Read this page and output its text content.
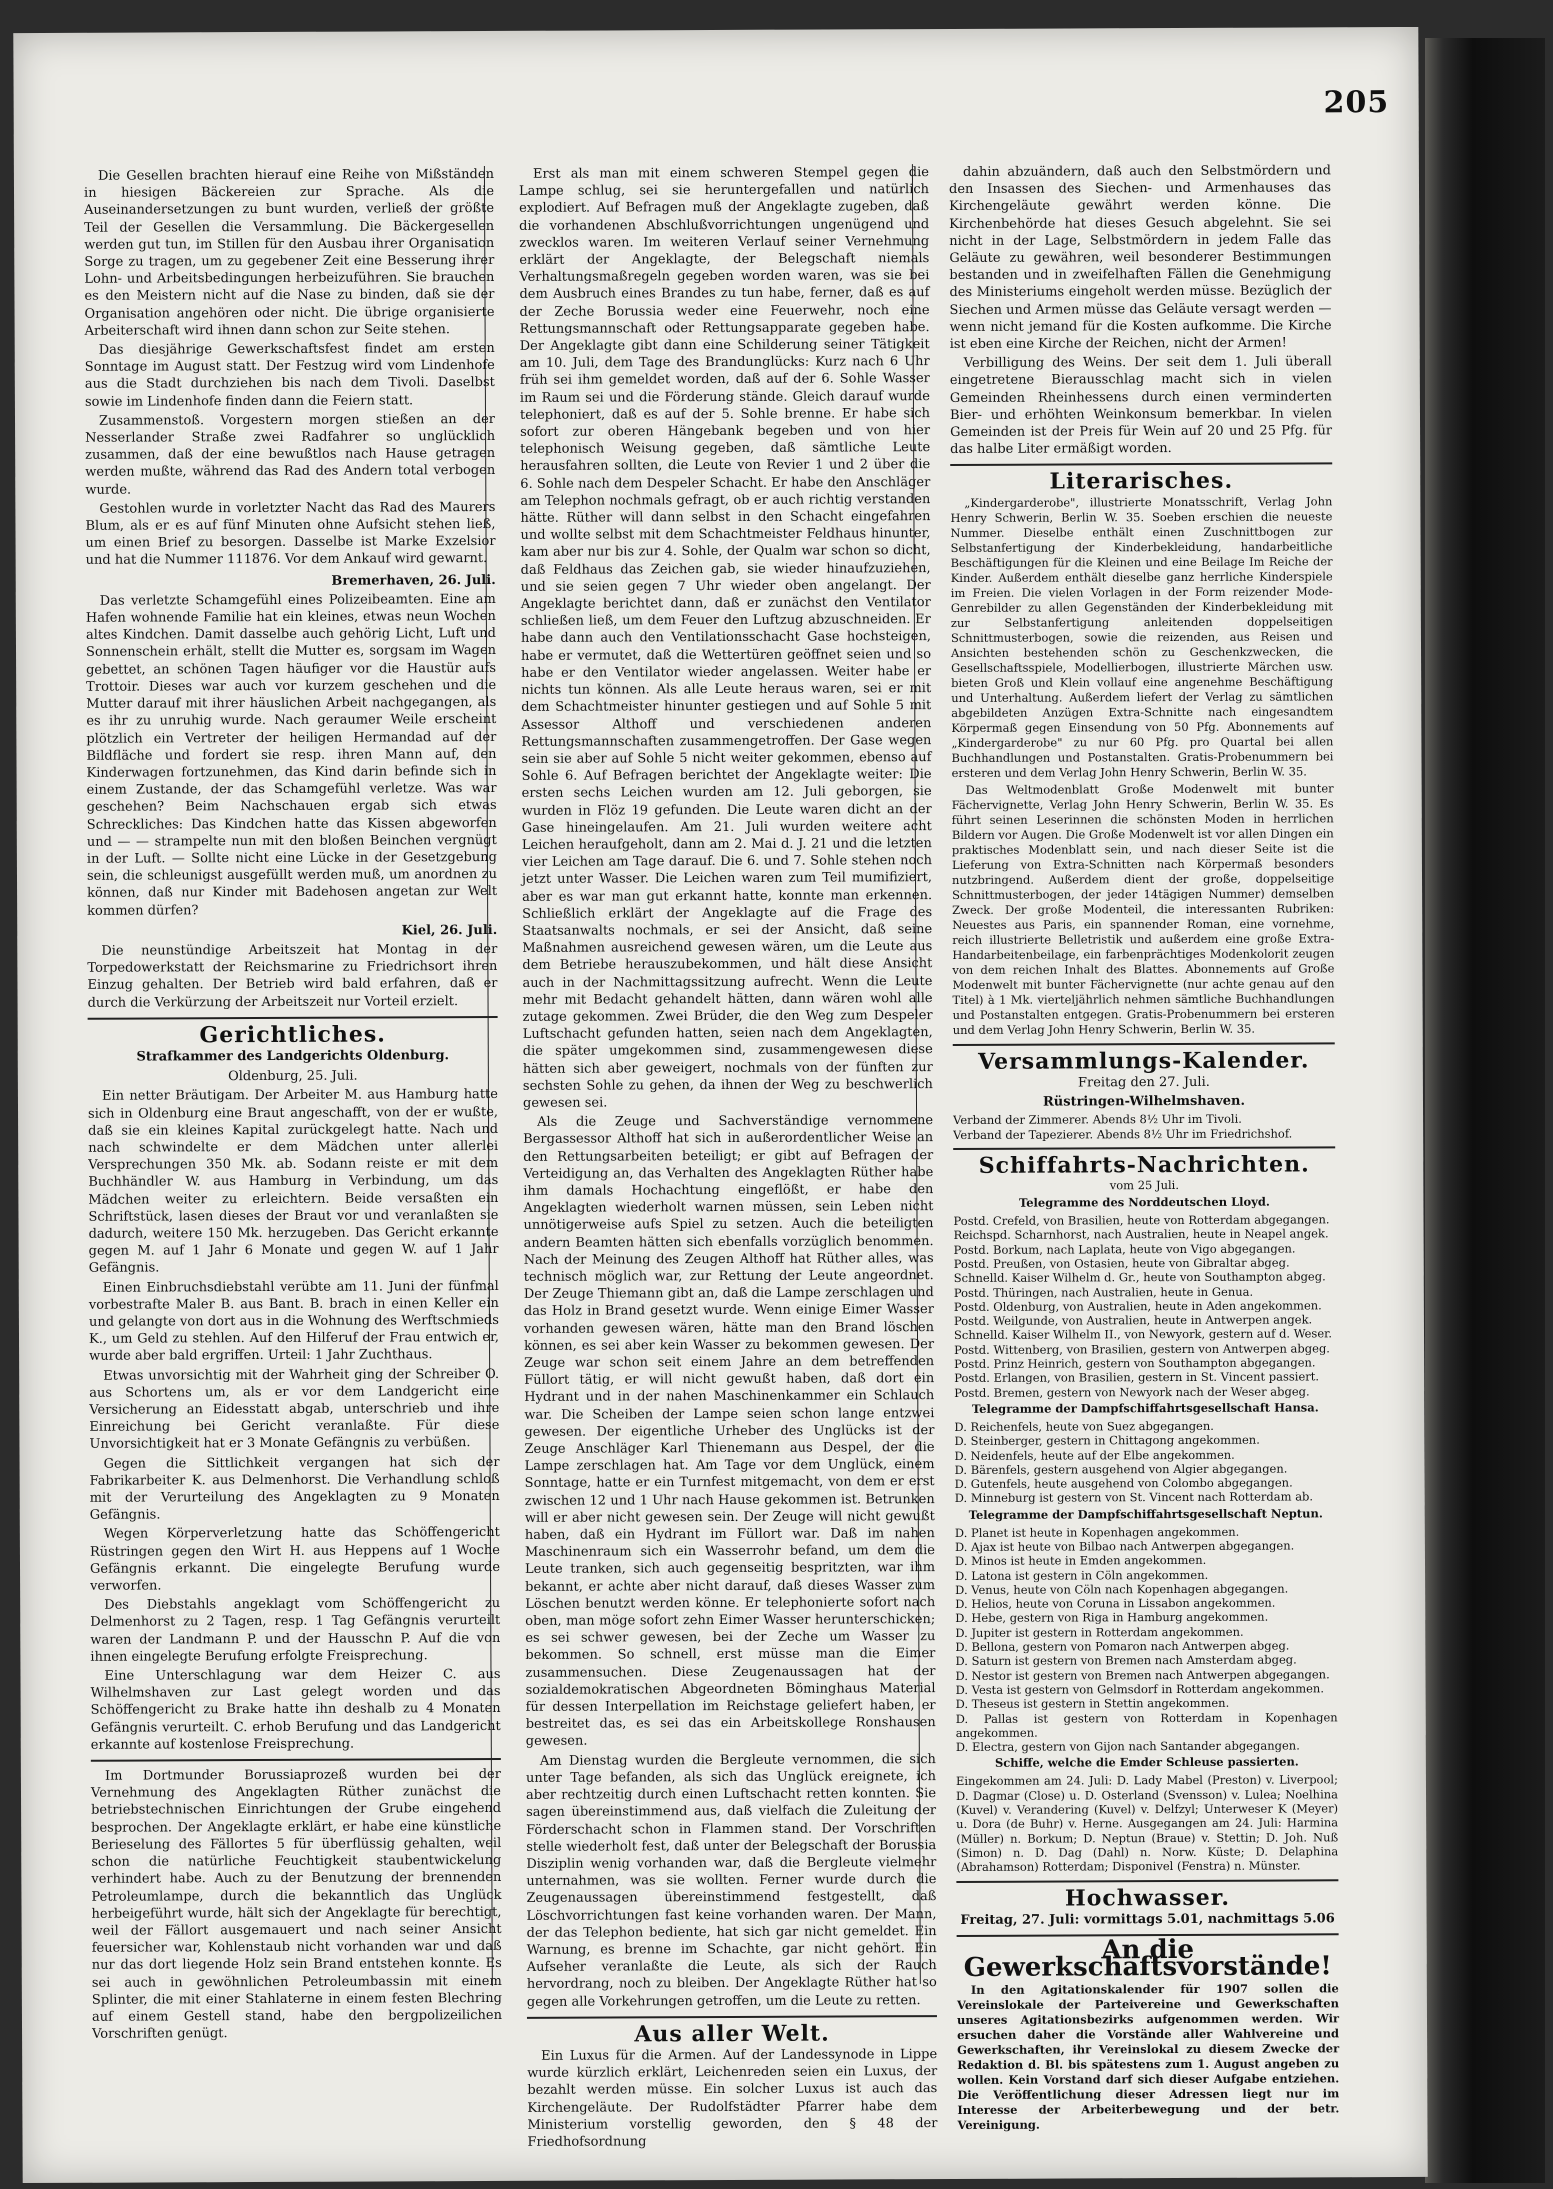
205

Die Gesellen brachten hierauf eine Reihe von Mißständen in hiesigen Bäckereien zur Sprache. Als die Auseinandersetzungen zu bunt wurden, verließ der größte Teil der Gesellen die Versammlung. Die Bäckergesellen werden gut tun, im Stillen für den Ausbau ihrer Organisation Sorge zu tragen, um zu gegebener Zeit eine Besserung ihrer Lohn- und Arbeitsbedingungen herbeizuführen. Sie brauchen es den Meistern nicht auf die Nase zu binden, daß sie der Organisation angehören oder nicht. Die übrige organisierte Arbeiterschaft wird ihnen dann schon zur Seite stehen.

Das diesjährige Gewerkschaftsfest findet am ersten Sonntage im August statt. Der Festzug wird vom Lindenhofe aus die Stadt durchziehen bis nach dem Tivoli. Daselbst sowie im Lindenhofe finden dann die Feiern statt.

Zusammenstoß. Vorgestern morgen stießen an der Nesserlander Straße zwei Radfahrer so unglücklich zusammen, daß der eine bewußtlos nach Hause getragen werden mußte, während das Rad des Andern total verbogen wurde.

Gestohlen wurde in vorletzter Nacht das Rad des Maurers Blum, als er es auf fünf Minuten ohne Aufsicht stehen ließ, um einen Brief zu besorgen. Dasselbe ist Marke Exzelsior und hat die Nummer 111876. Vor dem Ankauf wird gewarnt.

Bremerhaven, 26. Juli.

Das verletzte Schamgefühl eines Polizeibeamten. Eine am Hafen wohnende Familie hat ein kleines, etwas neun Wochen altes Kindchen. Damit dasselbe auch gehörig Licht, Luft und Sonnenschein erhält, stellt die Mutter es, sorgsam im Wagen gebettet, an schönen Tagen häufiger vor die Haustür aufs Trottoir. Dieses war auch vor kurzem geschehen und die Mutter darauf mit ihrer häuslichen Arbeit nachgegangen, als es ihr zu unruhig wurde. Nach geraumer Weile erscheint plötzlich ein Vertreter der heiligen Hermandad auf der Bildfläche und fordert sie resp. ihren Mann auf, den Kinderwagen fortzunehmen, das Kind darin befinde sich in einem Zustande, der das Schamgefühl verletze. Was war geschehen? Beim Nachschauen ergab sich etwas Schreckliches: Das Kindchen hatte das Kissen abgeworfen und — — strampelte nun mit den bloßen Beinchen vergnügt in der Luft. — Sollte nicht eine Lücke in der Gesetzgebung sein, die schleunigst ausgefüllt werden muß, um anordnen zu können, daß nur Kinder mit Badehosen angetan zur Welt kommen dürfen?

Kiel, 26. Juli.

Die neunstündige Arbeitszeit hat Montag in der Torpedowerkstatt der Reichsmarine zu Friedrichsort ihren Einzug gehalten. Der Betrieb wird bald erfahren, daß er durch die Verkürzung der Arbeitszeit nur Vorteil erzielt.

Gerichtliches.
Strafkammer des Landgerichts Oldenburg.
Oldenburg, 25. Juli.

Ein netter Bräutigam. Der Arbeiter M. aus Hamburg hatte sich in Oldenburg eine Braut angeschafft, von der er wußte, daß sie ein kleines Kapital zurückgelegt hatte. Nach und nach schwindelte er dem Mädchen unter allerlei Versprechungen 350 Mk. ab. Sodann reiste er mit dem Buchhändler W. aus Hamburg in Verbindung, um das Mädchen weiter zu erleichtern. Beide versaßten ein Schriftstück, lasen dieses der Braut vor und veranlaßten sie dadurch, weitere 150 Mk. herzugeben. Das Gericht erkannte gegen M. auf 1 Jahr 6 Monate und gegen W. auf 1 Jahr Gefängnis.

Einen Einbruchsdiebstahl verübte am 11. Juni der fünfmal vorbestrafte Maler B. aus Bant. B. brach in einen Keller ein und gelangte von dort aus in die Wohnung des Werftschmieds K., um Geld zu stehlen. Auf den Hilferuf der Frau entwich er, wurde aber bald ergriffen. Urteil: 1 Jahr Zuchthaus.

Etwas unvorsichtig mit der Wahrheit ging der Schreiber O. aus Schortens um, als er vor dem Landgericht eine Versicherung an Eidesstatt abgab, unterschrieb und ihre Einreichung bei Gericht veranlaßte. Für diese Unvorsichtigkeit hat er 3 Monate Gefängnis zu verbüßen.

Gegen die Sittlichkeit vergangen hat sich der Fabrikarbeiter K. aus Delmenhorst. Die Verhandlung schloß mit der Verurteilung des Angeklagten zu 9 Monaten Gefängnis.

Wegen Körperverletzung hatte das Schöffengericht Rüstringen gegen den Wirt H. aus Heppens auf 1 Woche Gefängnis erkannt. Die eingelegte Berufung wurde verworfen.

Des Diebstahls angeklagt vom Schöffengericht zu Delmenhorst zu 2 Tagen, resp. 1 Tag Gefängnis verurteilt waren der Landmann P. und der Hausschn P. Auf die von ihnen eingelegte Berufung erfolgte Freisprechung.

Eine Unterschlagung war dem Heizer C. aus Wilhelmshaven zur Last gelegt worden und das Schöffengericht zu Brake hatte ihn deshalb zu 4 Monaten Gefängnis verurteilt. C. erhob Berufung und das Landgericht erkannte auf kostenlose Freisprechung.

Im Dortmunder Borussiaprozeß wurden bei der Vernehmung des Angeklagten Rüther zunächst die betriebstechnischen Einrichtungen der Grube eingehend besprochen. Der Angeklagte erklärt, er habe eine künstliche Berieselung des Fällortes 5 für überflüssig gehalten, weil schon die natürliche Feuchtigkeit staubentwickelung verhindert habe. Auch zu der Benutzung der brennenden Petroleumlampe, durch die bekanntlich das Unglück herbeigeführt wurde, hält sich der Angeklagte für berechtigt, weil der Fällort ausgemauert und nach seiner Ansicht feuersicher war, Kohlenstaub nicht vorhanden war und daß nur das dort liegende Holz sein Brand entstehen konnte. Es sei auch in gewöhnlichen Petroleumbassin mit einem Splinter, die mit einer Stahlaterne in einem festen Blechring auf einem Gestell stand, habe den bergpolizeilichen Vorschriften genügt.

Erst als man mit einem schweren Stempel gegen die Lampe schlug, sei sie heruntergefallen und natürlich explodiert. Auf Befragen muß der Angeklagte zugeben, daß die vorhandenen Abschlußvorrichtungen ungenügend und zwecklos waren. Im weiteren Verlauf seiner Vernehmung erklärt der Angeklagte, der Belegschaft niemals Verhaltungsmaßregeln gegeben worden waren, was sie bei dem Ausbruch eines Brandes zu tun habe, ferner, daß es auf der Zeche Borussia weder eine Feuerwehr, noch eine Rettungsmannschaft oder Rettungsapparate gegeben habe. Der Angeklagte gibt dann eine Schilderung seiner Tätigkeit am 10. Juli, dem Tage des Brandunglücks: Kurz nach 6 Uhr früh sei ihm gemeldet worden, daß auf der 6. Sohle Wasser im Raum sei und die Förderung stände. Gleich darauf wurde telephoniert, daß es auf der 5. Sohle brenne. Er habe sich sofort zur oberen Hängebank begeben und von hier telephonisch Weisung gegeben, daß sämtliche Leute herausfahren sollten, die Leute von Revier 1 und 2 über die 6. Sohle nach dem Despeler Schacht. Er habe den Anschläger am Telephon nochmals gefragt, ob er auch richtig verstanden hätte. Rüther will dann selbst in den Schacht eingefahren und wollte selbst mit dem Schachtmeister Feldhaus hinunter, kam aber nur bis zur 4. Sohle, der Qualm war schon so dicht, daß Feldhaus das Zeichen gab, sie wieder hinaufzuziehen, und sie seien gegen 7 Uhr wieder oben angelangt. Der Angeklagte berichtet dann, daß er zunächst den Ventilator schließen ließ, um dem Feuer den Luftzug abzuschneiden. Er habe dann auch den Ventilationsschacht Gase hochsteigen, habe er vermutet, daß die Wettertüren geöffnet seien und so habe er den Ventilator wieder angelassen. Weiter habe er nichts tun können. Als alle Leute heraus waren, sei er mit dem Schachtmeister hinunter gestiegen und auf Sohle 5 mit Assessor Althoff und verschiedenen anderen Rettungsmannschaften zusammengetroffen. Der Gase wegen sein sie aber auf Sohle 5 nicht weiter gekommen, ebenso auf Sohle 6. Auf Befragen berichtet der Angeklagte weiter: Die ersten sechs Leichen wurden am 12. Juli geborgen, sie wurden in Flöz 19 gefunden. Die Leute waren dicht an der Gase hineingelaufen. Am 21. Juli wurden weitere acht Leichen heraufgeholt, dann am 2. Mai d. J. 21 und die letzten vier Leichen am Tage darauf. Die 6. und 7. Sohle stehen noch jetzt unter Wasser. Die Leichen waren zum Teil mumifiziert, aber es war man gut erkannt hatte, konnte man erkennen. Schließlich erklärt der Angeklagte auf die Frage des Staatsanwalts nochmals, er sei der Ansicht, daß seine Maßnahmen ausreichend gewesen wären, um die Leute aus dem Betriebe herauszubekommen, und hält diese Ansicht auch in der Nachmittagssitzung aufrecht. Wenn die Leute mehr mit Bedacht gehandelt hätten, dann wären wohl alle zutage gekommen. Zwei Brüder, die den Weg zum Despeler Luftschacht gefunden hatten, seien nach dem Angeklagten, die später umgekommen sind, zusammengewesen diese hätten sich aber geweigert, nochmals von der fünften zur sechsten Sohle zu gehen, da ihnen der Weg zu beschwerlich gewesen sei.

Als die Zeuge und Sachverständige vernommene Bergassessor Althoff hat sich in außerordentlicher Weise an den Rettungsarbeiten beteiligt; er gibt auf Befragen der Verteidigung an, das Verhalten des Angeklagten Rüther habe ihm damals Hochachtung eingeflößt, er habe den Angeklagten wiederholt warnen müssen, sein Leben nicht unnötigerweise aufs Spiel zu setzen. Auch die beteiligten andern Beamten hätten sich ebenfalls vorzüglich benommen. Nach der Meinung des Zeugen Althoff hat Rüther alles, was technisch möglich war, zur Rettung der Leute angeordnet. Der Zeuge Thiemann gibt an, daß die Lampe zerschlagen und das Holz in Brand gesetzt wurde. Wenn einige Eimer Wasser vorhanden gewesen wären, hätte man den Brand löschen können, es sei aber kein Wasser zu bekommen gewesen. Der Zeuge war schon seit einem Jahre an dem betreffenden Füllort tätig, er will nicht gewußt haben, daß dort ein Hydrant und in der nahen Maschinenkammer ein Schlauch war. Die Scheiben der Lampe seien schon lange entzwei gewesen. Der eigentliche Urheber des Unglücks ist der Zeuge Anschläger Karl Thienemann aus Despel, der die Lampe zerschlagen hat. Am Tage vor dem Unglück, einem Sonntage, hatte er ein Turnfest mitgemacht, von dem er erst zwischen 12 und 1 Uhr nach Hause gekommen ist. Betrunken will er aber nicht gewesen sein. Der Zeuge will nicht gewußt haben, daß ein Hydrant im Füllort war. Daß im nahen Maschinenraum sich ein Wasserrohr befand, um dem die Leute tranken, sich auch gegenseitig bespritzten, war ihm bekannt, er achte aber nicht darauf, daß dieses Wasser zum Löschen benutzt werden könne. Er telephonierte sofort nach oben, man möge sofort zehn Eimer Wasser herunterschicken; es sei schwer gewesen, bei der Zeche um Wasser zu bekommen. So schnell, erst müsse man die Eimer zusammensuchen. Diese Zeugenaussagen hat der sozialdemokratischen Abgeordneten Böminghaus Material für dessen Interpellation im Reichstage geliefert haben, er bestreitet das, es sei das ein Arbeitskollege Ronshausen gewesen.

Am Dienstag wurden die Bergleute vernommen, die sich unter Tage befanden, als sich das Unglück ereignete, ich aber rechtzeitig durch einen Luftschacht retten konnten. Sie sagen übereinstimmend aus, daß vielfach die Zuleitung der Förderschacht schon in Flammen stand. Der Vorschriften stelle wiederholt fest, daß unter der Belegschaft der Borussia Disziplin wenig vorhanden war, daß die Bergleute vielmehr unternahmen, was sie wollten. Ferner wurde durch die Zeugenaussagen übereinstimmend festgestellt, daß Löschvorrichtungen fast keine vorhanden waren. Der Mann, der das Telephon bediente, hat sich gar nicht gemeldet. Ein Warnung, es brenne im Schachte, gar nicht gehört. Ein Aufseher veranlaßte die Leute, als sich der Rauch hervordrang, noch zu bleiben. Der Angeklagte Rüther hat so gegen alle Vorkehrungen getroffen, um die Leute zu retten.

Aus aller Welt.

Ein Luxus für die Armen. Auf der Landessynode in Lippe wurde kürzlich erklärt, Leichenreden seien ein Luxus, der bezahlt werden müsse. Ein solcher Luxus ist auch das Kirchengeläute. Der Rudolfstädter Pfarrer habe dem Ministerium vorstellig geworden, den § 48 der Friedhofsordnung

dahin abzuändern, daß auch den Selbstmördern und den Insassen des Siechen- und Armenhauses das Kirchengeläute gewährt werden könne. Die Kirchenbehörde hat dieses Gesuch abgelehnt. Sie sei nicht in der Lage, Selbstmördern in jedem Falle das Geläute zu gewähren, weil besonderer Bestimmungen bestanden und in zweifelhaften Fällen die Genehmigung des Ministeriums eingeholt werden müsse. Bezüglich der Siechen und Armen müsse das Geläute versagt werden — wenn nicht jemand für die Kosten aufkomme. Die Kirche ist eben eine Kirche der Reichen, nicht der Armen!

Verbilligung des Weins. Der seit dem 1. Juli überall eingetretene Bierausschlag macht sich in vielen Gemeinden Rheinhessens durch einen verminderten Bier- und erhöhten Weinkonsum bemerkbar. In vielen Gemeinden ist der Preis für Wein auf 20 und 25 Pfg. für das halbe Liter ermäßigt worden.

Literarisches.

„Kindergarderobe", illustrierte Monatsschrift, Verlag John Henry Schwerin, Berlin W. 35. Soeben erschien die neueste Nummer. Dieselbe enthält einen Zuschnittbogen zur Selbstanfertigung der Kinderbekleidung, handarbeitliche Beschäftigungen für die Kleinen und eine Beilage Im Reiche der Kinder. Außerdem enthält dieselbe ganz herrliche Kinderspiele im Freien. Die vielen Vorlagen in der Form reizender Mode-Genrebilder zu allen Gegenständen der Kinderbekleidung mit zur Selbstanfertigung anleitenden doppelseitigen Schnittmusterbogen, sowie die reizenden, aus Reisen und Ansichten bestehenden schön zu Geschenkzwecken, die Gesellschaftsspiele, Modellierbogen, illustrierte Märchen usw. bieten Groß und Klein vollauf eine angenehme Beschäftigung und Unterhaltung. Außerdem liefert der Verlag zu sämtlichen abgebildeten Anzügen Extra-Schnitte nach eingesandtem Körpermaß gegen Einsendung von 50 Pfg. Abonnements auf „Kindergarderobe" zu nur 60 Pfg. pro Quartal bei allen Buchhandlungen und Postanstalten. Gratis-Probenummern bei ersteren und dem Verlag John Henry Schwerin, Berlin W. 35.

Das Weltmodenblatt Große Modenwelt mit bunter Fächervignette, Verlag John Henry Schwerin, Berlin W. 35. Es führt seinen Leserinnen die schönsten Moden in herrlichen Bildern vor Augen. Die Große Modenwelt ist vor allen Dingen ein praktisches Modenblatt sein, und nach dieser Seite ist die Lieferung von Extra-Schnitten nach Körpermaß besonders nutzbringend. Außerdem dient der große, doppelseitige Schnittmusterbogen, der jeder 14tägigen Nummer) demselben Zweck. Der große Modenteil, die interessanten Rubriken: Neuestes aus Paris, ein spannender Roman, eine vornehme, reich illustrierte Belletristik und außerdem eine große Extra-Handarbeitenbeilage, ein farbenprächtiges Modenkolorit zeugen von dem reichen Inhalt des Blattes. Abonnements auf Große Modenwelt mit bunter Fächervignette (nur achte genau auf den Titel) à 1 Mk. vierteljährlich nehmen sämtliche Buchhandlungen und Postanstalten entgegen. Gratis-Probenummern bei ersteren und dem Verlag John Henry Schwerin, Berlin W. 35.

Versammlungs-Kalender.
Freitag den 27. Juli.
Rüstringen-Wilhelmshaven.

Verband der Zimmerer. Abends 8½ Uhr im Tivoli.

Verband der Tapezierer. Abends 8½ Uhr im Friedrichshof.

Schiffahrts-Nachrichten.
vom 25 Juli.
Telegramme des Norddeutschen Lloyd.

Postd. Crefeld, von Brasilien, heute von Rotterdam abgegangen.

Reichspd. Scharnhorst, nach Australien, heute in Neapel angek.

Postd. Borkum, nach Laplata, heute von Vigo abgegangen.

Postd. Preußen, von Ostasien, heute von Gibraltar abgeg.

Schnelld. Kaiser Wilhelm d. Gr., heute von Southampton abgeg.

Postd. Thüringen, nach Australien, heute in Genua.

Postd. Oldenburg, von Australien, heute in Aden angekommen.

Postd. Weilgunde, von Australien, heute in Antwerpen angek.

Schnelld. Kaiser Wilhelm II., von Newyork, gestern auf d. Weser.

Postd. Wittenberg, von Brasilien, gestern von Antwerpen abgeg.

Postd. Prinz Heinrich, gestern von Southampton abgegangen.

Postd. Erlangen, von Brasilien, gestern in St. Vincent passiert.

Postd. Bremen, gestern von Newyork nach der Weser abgeg.

Telegramme der Dampfschiffahrtsgesellschaft Hansa.

D. Reichenfels, heute von Suez abgegangen.

D. Steinberger, gestern in Chittagong angekommen.

D. Neidenfels, heute auf der Elbe angekommen.

D. Bärenfels, gestern ausgehend von Algier abgegangen.

D. Gutenfels, heute ausgehend von Colombo abgegangen.

D. Minneburg ist gestern von St. Vincent nach Rotterdam ab.

Telegramme der Dampfschiffahrtsgesellschaft Neptun.

D. Planet ist heute in Kopenhagen angekommen.

D. Ajax ist heute von Bilbao nach Antwerpen abgegangen.

D. Minos ist heute in Emden angekommen.

D. Latona ist gestern in Cöln angekommen.

D. Venus, heute von Cöln nach Kopenhagen abgegangen.

D. Helios, heute von Coruna in Lissabon angekommen.

D. Hebe, gestern von Riga in Hamburg angekommen.

D. Jupiter ist gestern in Rotterdam angekommen.

D. Bellona, gestern von Pomaron nach Antwerpen abgeg.

D. Saturn ist gestern von Bremen nach Amsterdam abgeg.

D. Nestor ist gestern von Bremen nach Antwerpen abgegangen.

D. Vesta ist gestern von Gelmsdorf in Rotterdam angekommen.

D. Theseus ist gestern in Stettin angekommen.

D. Pallas ist gestern von Rotterdam in Kopenhagen angekommen.

D. Electra, gestern von Gijon nach Santander abgegangen.

Schiffe, welche die Emder Schleuse passierten.

Eingekommen am 24. Juli: D. Lady Mabel (Preston) v. Liverpool; D. Dagmar (Close) u. D. Osterland (Svensson) v. Lulea; Noelhina (Kuvel) v. Verandering (Kuvel) v. Delfzyl; Unterweser K (Meyer) u. Dora (de Buhr) v. Herne. Ausgegangen am 24. Juli: Harmina (Müller) n. Borkum; D. Neptun (Braue) v. Stettin; D. Joh. Nuß (Simon) n. D. Dag (Dahl) n. Norw. Küste; D. Delaphina (Abrahamson) Rotterdam; Disponivel (Fenstra) n. Münster.

Hochwasser.
Freitag, 27. Juli: vormittags 5.01, nachmittags 5.06
An die Gewerkschaftsvorstände!

In den Agitationskalender für 1907 sollen die Vereinslokale der Parteivereine und Gewerkschaften unseres Agitationsbezirks aufgenommen werden. Wir ersuchen daher die Vorstände aller Wahlvereine und Gewerkschaften, ihr Vereinslokal zu diesem Zwecke der Redaktion d. Bl. bis spätestens zum 1. August angeben zu wollen. Kein Vorstand darf sich dieser Aufgabe entziehen. Die Veröffentlichung dieser Adressen liegt nur im Interesse der Arbeiterbewegung und der betr. Vereinigung.
